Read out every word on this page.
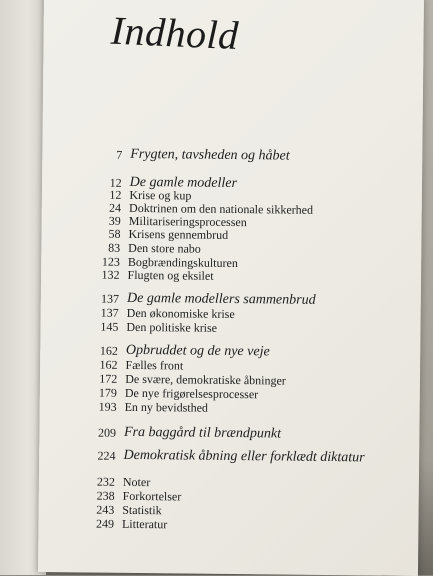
Indhold
7 Frygten, tavsheden og håbet
12 De gamle modeller
12 Krise og kup
24 Doktrinen om den nationale sikkerhed
39 Militariseringsprocessen
58 Krisens gennembrud
83 Den store nabo
123 Bogbrændingskulturen
132 Flugten og eksilet
137 De gamle modellers sammenbrud
137 Den økonomiske krise
145 Den politiske krise
162 Opbruddet og de nye veje
162 Fælles front
172 De svære, demokratiske åbninger
179 De nye frigørelsesprocesser
193 En ny bevidsthed
209 Fra baggård til brændpunkt
224 Demokratisk åbning eller forklædt diktatur
232 Noter
238 Forkortelser
243 Statistik
249 Litteratur
